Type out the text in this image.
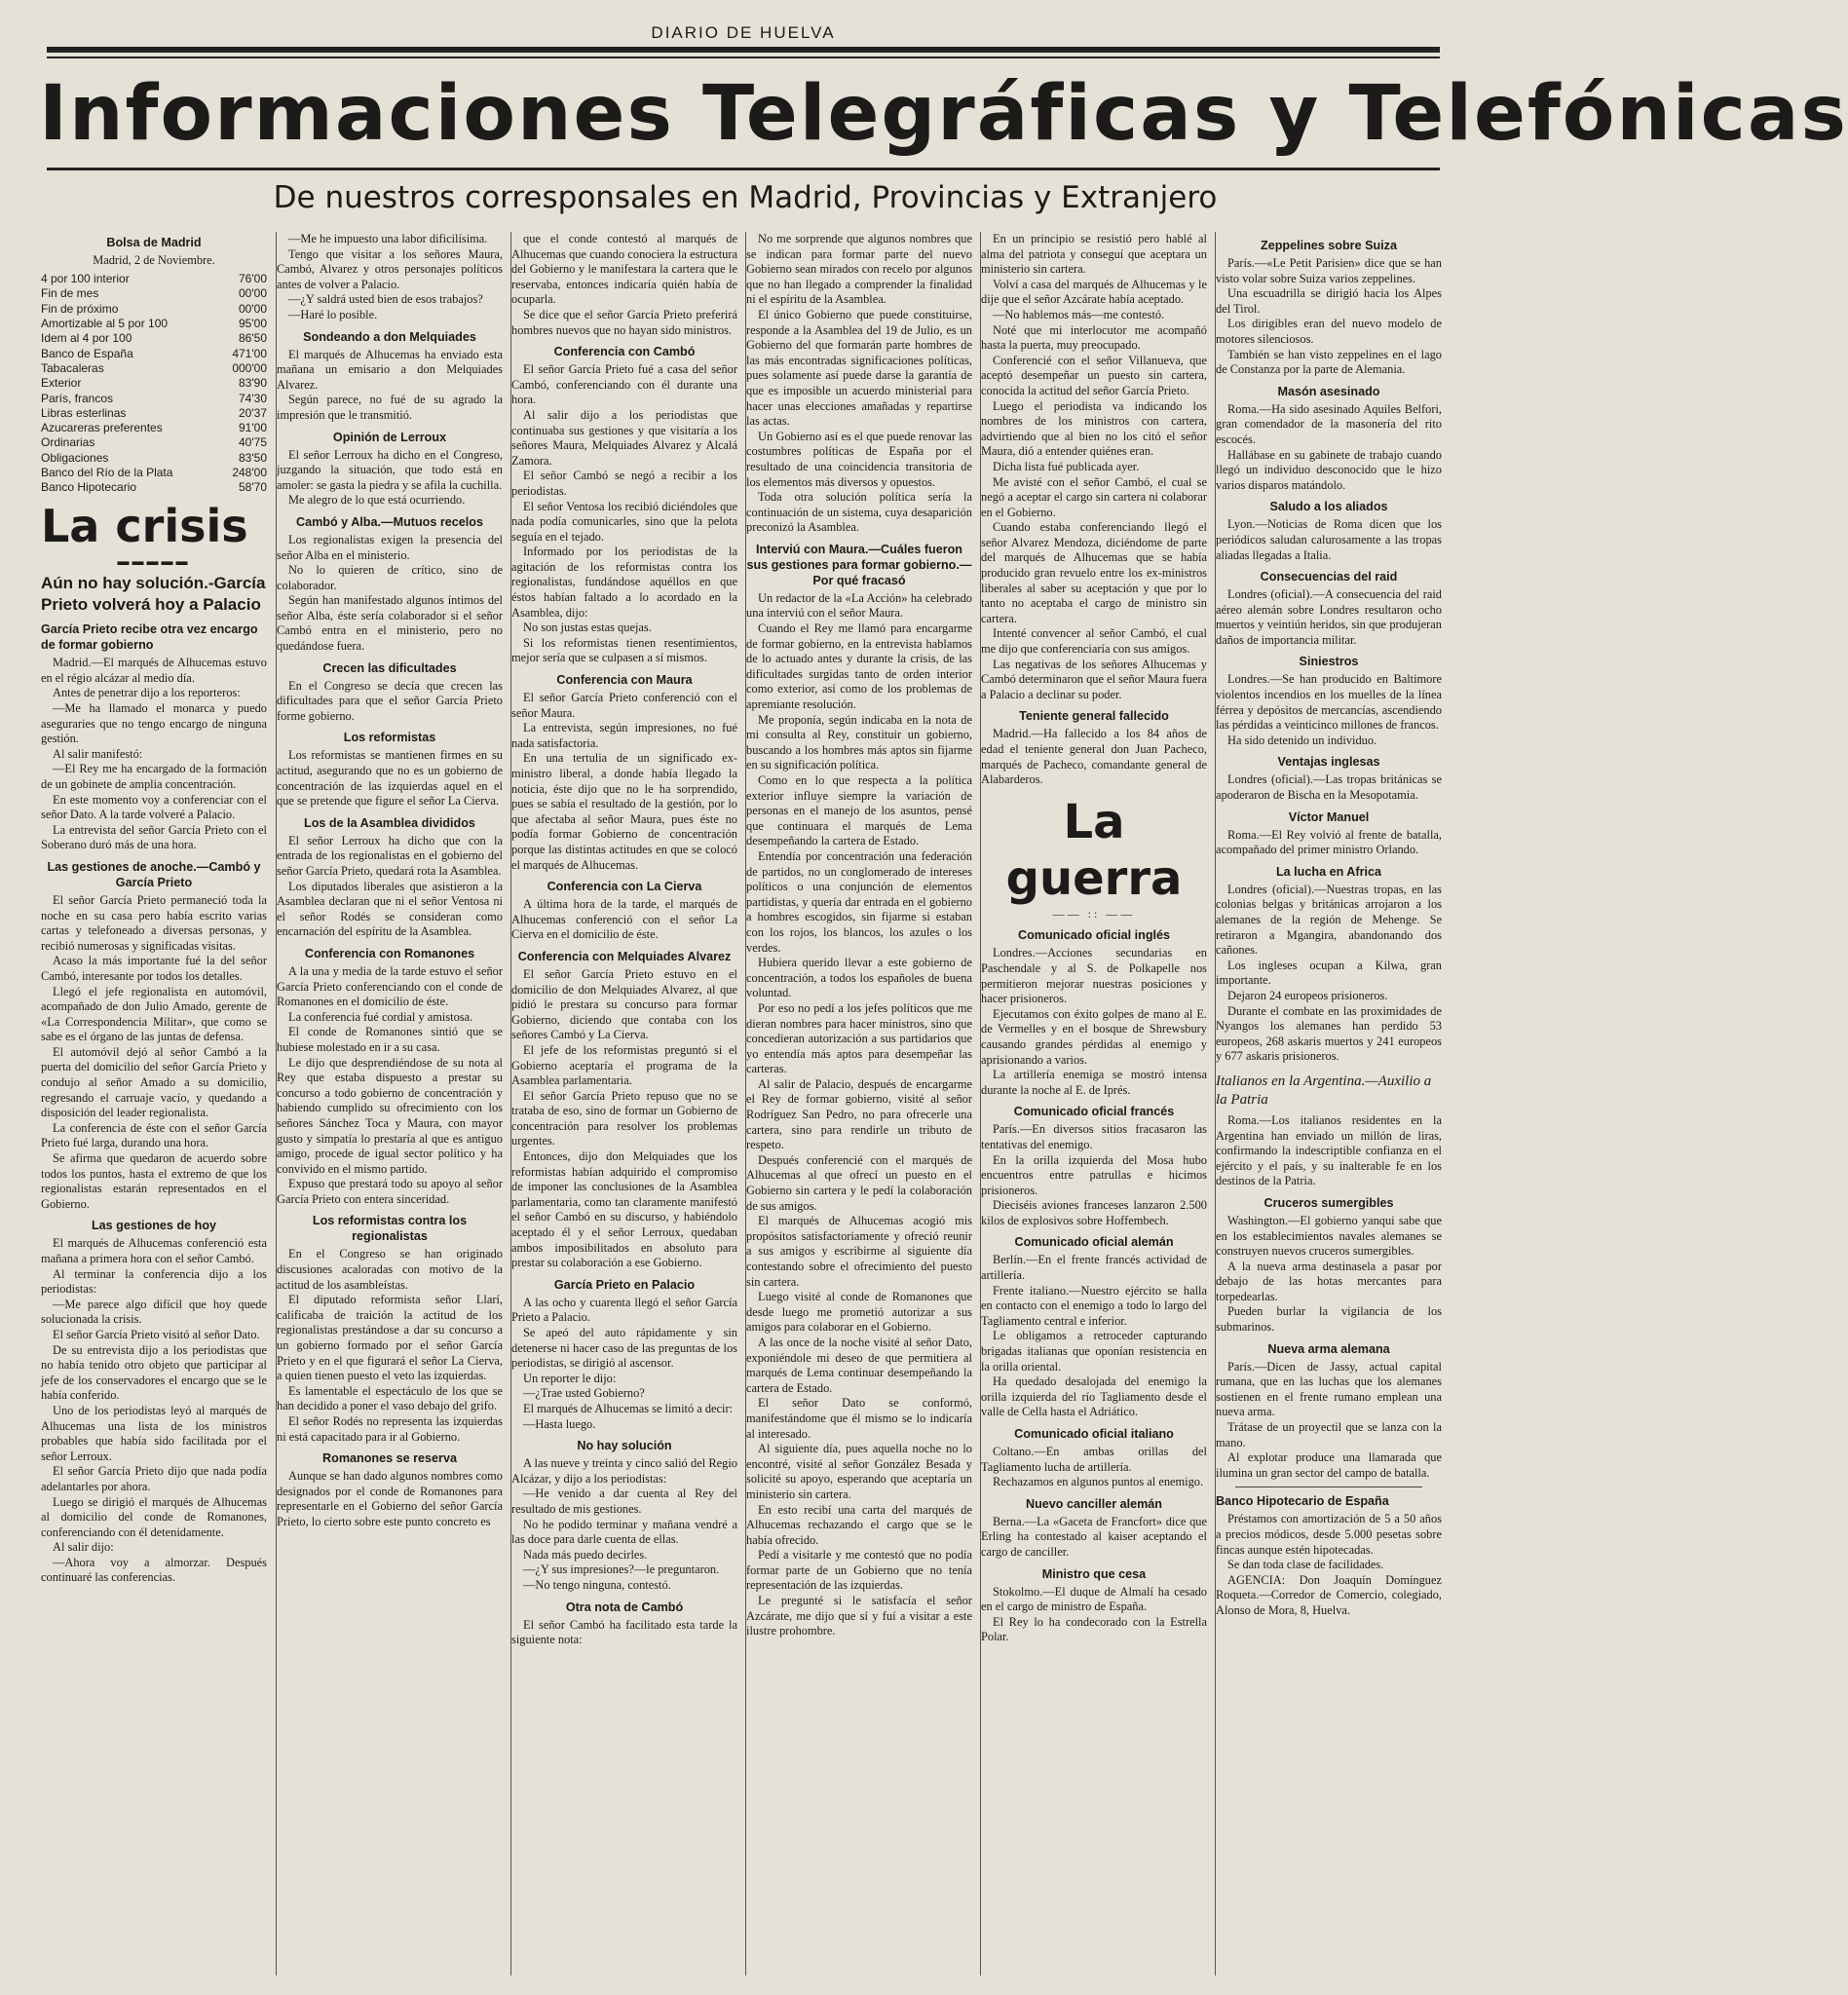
DIARIO DE HUELVA
Informaciones Telegráficas y Telefónicas
De nuestros corresponsales en Madrid, Provincias y Extranjero
Bolsa de Madrid
Madrid, 2 de Noviembre.
4 por 100 interior	76'00
Fin de mes	00'00
Fin de próximo	00'00
Amortizable al 5 por 100	95'00
Idem al 4 por 100	86'50
Banco de España	471'00
Tabacaleras	000'00
Exterior	83'90
París, francos	74'30
Libras esterlinas	20'37
Azucareras preferentes	91'00
Ordinarias	40'75
Obligaciones	83'50
Banco del Río de la Plata	248'00
Banco Hipotecario	58'70
La crisis
▬▬▬▬▬
Aún no hay solución.-García Prieto volverá hoy a Palacio
García Prieto recibe otra vez encargo de formar gobierno

Madrid.—El marqués de Alhucemas estuvo en el régio alcázar al medio día.

Antes de penetrar dijo a los reporteros:

—Me ha llamado el monarca y puedo aseguraries que no tengo encargo de ninguna gestión.

Al salir manifestó:

—El Rey me ha encargado de la formación de un gobinete de amplia concentración.

En este momento voy a conferenciar con el señor Dato. A la tarde volveré a Palacio.

La entrevista del señor García Prieto con el Soberano duró más de una hora.

Las gestiones de anoche.—Cambó y García Prieto

El señor García Prieto permaneció toda la noche en su casa pero había escrito varias cartas y telefoneado a diversas personas, y recibió numerosas y significadas visitas.

Acaso la más importante fué la del señor Cambó, interesante por todos los detalles.

Llegó el jefe regionalista en automóvil, acompañado de don Julio Amado, gerente de «La Correspondencia Militar», que como se sabe es el órgano de las juntas de defensa.

El automóvil dejó al señor Cambó a la puerta del domicilio del señor García Prieto y condujo al señor Amado a su domicilio, regresando el carruaje vacío, y quedando a disposición del leader regionalista.

La conferencia de éste con el señor García Prieto fué larga, durando una hora.

Se afirma que quedaron de acuerdo sobre todos los puntos, hasta el extremo de que los regionalistas estarán representados en el Gobierno.

Las gestiones de hoy

El marqués de Alhucemas conferenció esta mañana a primera hora con el señor Cambó.

Al terminar la conferencia dijo a los periodistas:

—Me parece algo difícil que hoy quede solucionada la crisis.

El señor García Prieto visitó al señor Dato.

De su entrevista dijo a los periodistas que no había tenido otro objeto que participar al jefe de los conservadores el encargo que se le había conferido.

Uno de los periodistas leyó al marqués de Alhucemas una lista de los ministros probables que había sido facilitada por el señor Lerroux.

El señor García Prieto dijo que nada podía adelantarles por ahora.

Luego se dirigió el marqués de Alhucemas al domicilio del conde de Romanones, conferenciando con él detenidamente.

Al salir dijo:

—Ahora voy a almorzar. Después continuaré las conferencias.

—Me he impuesto una labor dificilísima.

Tengo que visitar a los señores Maura, Cambó, Alvarez y otros personajes políticos antes de volver a Palacio.

—¿Y saldrá usted bien de esos trabajos?

—Haré lo posible.

Sondeando a don Melquiades

El marqués de Alhucemas ha enviado esta mañana un emisario a don Melquiades Alvarez.

Según parece, no fué de su agrado la impresión que le transmitió.

Opinión de Lerroux

El señor Lerroux ha dicho en el Congreso, juzgando la situación, que todo está en amoler: se gasta la piedra y se afila la cuchilla.

Me alegro de lo que está ocurriendo.

Cambó y Alba.—Mutuos recelos

Los regionalistas exigen la presencia del señor Alba en el ministerio.

No lo quieren de crítico, sino de colaborador.

Según han manifestado algunos íntimos del señor Alba, éste sería colaborador si el señor Cambó entra en el ministerio, pero no quedándose fuera.

Crecen las dificultades

En el Congreso se decía que crecen las dificultades para que el señor García Prieto forme gobierno.

Los reformistas

Los reformistas se mantienen firmes en su actitud, asegurando que no es un gobierno de concentración de las izquierdas aquel en el que se pretende que figure el señor La Cierva.

Los de la Asamblea divididos

El señor Lerroux ha dicho que con la entrada de los regionalistas en el gobierno del señor García Prieto, quedará rota la Asamblea.

Los diputados liberales que asistieron a la Asamblea declaran que ni el señor Ventosa ni el señor Rodés se consideran como encarnación del espíritu de la Asamblea.

Conferencia con Romanones

A la una y media de la tarde estuvo el señor García Prieto conferenciando con el conde de Romanones en el domicilio de éste.

La conferencia fué cordial y amistosa.

El conde de Romanones sintió que se hubiese molestado en ir a su casa.

Le dijo que desprendiéndose de su nota al Rey que estaba dispuesto a prestar su concurso a todo gobierno de concentración y habiendo cumplido su ofrecimiento con los señores Sánchez Toca y Maura, con mayor gusto y simpatía lo prestaría al que es antiguo amigo, procede de igual sector político y ha convivido en el mismo partido.

Expuso que prestará todo su apoyo al señor García Prieto con entera sinceridad.

Los reformistas contra los regionalistas

En el Congreso se han originado discusiones acaloradas con motivo de la actitud de los asambleístas.

El diputado reformista señor Llarí, calificaba de traición la actitud de los regionalistas prestándose a dar su concurso a un gobierno formado por el señor García Prieto y en el que figurará el señor La Cierva, a quien tienen puesto el veto las izquierdas.

Es lamentable el espectáculo de los que se han decidido a poner el vaso debajo del grifo.

El señor Rodés no representa las izquierdas ni está capacitado para ir al Gobierno.

Romanones se reserva

Aunque se han dado algunos nombres como designados por el conde de Romanones para representarle en el Gobierno del señor García Prieto, lo cierto sobre este punto concreto es

que el conde contestó al marqués de Alhucemas que cuando conociera la estructura del Gobierno y le manifestara la cartera que le reservaba, entonces indicaría quién había de ocuparla.

Se dice que el señor García Prieto preferirá hombres nuevos que no hayan sido ministros.

Conferencia con Cambó

El señor García Prieto fué a casa del señor Cambó, conferenciando con él durante una hora.

Al salir dijo a los periodistas que continuaba sus gestiones y que visitaría a los señores Maura, Melquiades Alvarez y Alcalá Zamora.

El señor Cambó se negó a recibir a los periodistas.

El señor Ventosa los recibió diciéndoles que nada podía comunicarles, sino que la pelota seguía en el tejado.

Informado por los periodistas de la agitación de los reformistas contra los regionalistas, fundándose aquéllos en que éstos habían faltado a lo acordado en la Asamblea, dijo:

No son justas estas quejas.

Si los reformistas tienen resentimientos, mejor sería que se culpasen a sí mismos.

Conferencia con Maura

El señor García Prieto conferenció con el señor Maura.

La entrevista, según impresiones, no fué nada satisfactoria.

En una tertulia de un significado ex-ministro liberal, a donde había llegado la noticia, éste dijo que no le ha sorprendido, pues se sabía el resultado de la gestión, por lo que afectaba al señor Maura, pues éste no podía formar Gobierno de concentración porque las distintas actitudes en que se colocó el marqués de Alhucemas.

Conferencia con La Cierva

A última hora de la tarde, el marqués de Alhucemas conferenció con el señor La Cierva en el domicilio de éste.

Conferencia con Melquiades Alvarez

El señor García Prieto estuvo en el domicilio de don Melquiades Alvarez, al que pidió le prestara su concurso para formar Gobierno, diciendo que contaba con los señores Cambó y La Cierva.

El jefe de los reformistas preguntó si el Gobierno aceptaría el programa de la Asamblea parlamentaria.

El señor García Prieto repuso que no se trataba de eso, sino de formar un Gobierno de concentración para resolver los problemas urgentes.

Entonces, dijo don Melquiades que los reformistas habían adquirido el compromiso de imponer las conclusiones de la Asamblea parlamentaria, como tan claramente manifestó el señor Cambó en su discurso, y habiéndolo aceptado él y el señor Lerroux, quedaban ambos imposibilitados en absoluto para prestar su colaboración a ese Gobierno.

García Prieto en Palacio

A las ocho y cuarenta llegó el señor García Prieto a Palacio.

Se apeó del auto rápidamente y sin detenerse ni hacer caso de las preguntas de los periodistas, se dirigió al ascensor.

Un reporter le dijo:

—¿Trae usted Gobierno?

El marqués de Alhucemas se limitó a decir:

—Hasta luego.

No hay solución

A las nueve y treinta y cinco salió del Regio Alcázar, y dijo a los periodistas:

—He venido a dar cuenta al Rey del resultado de mis gestiones.

No he podido terminar y mañana vendré a las doce para darle cuenta de ellas.

Nada más puedo decirles.

—¿Y sus impresiones?—le preguntaron.

—No tengo ninguna, contestó.

Otra nota de Cambó

El señor Cambó ha facilitado esta tarde la siguiente nota:

No me sorprende que algunos nombres que se indican para formar parte del nuevo Gobierno sean mirados con recelo por algunos que no han llegado a comprender la finalidad ni el espíritu de la Asamblea.

El único Gobierno que puede constituirse, responde a la Asamblea del 19 de Julio, es un Gobierno del que formarán parte hombres de las más encontradas significaciones políticas, pues solamente así puede darse la garantía de que es imposible un acuerdo ministerial para hacer unas elecciones amañadas y repartirse las actas.

Un Gobierno así es el que puede renovar las costumbres políticas de España por el resultado de una coincidencia transitoria de los elementos más diversos y opuestos.

Toda otra solución política sería la continuación de un sistema, cuya desaparición preconizó la Asamblea.

Interviú con Maura.—Cuáles fueron sus gestiones para formar gobierno.—Por qué fracasó

Un redactor de la «La Acción» ha celebrado una interviú con el señor Maura.

Cuando el Rey me llamó para encargarme de formar gobierno, en la entrevista hablamos de lo actuado antes y durante la crisis, de las dificultades surgidas tanto de orden interior como exterior, así como de los problemas de apremiante resolución.

Me proponía, según indicaba en la nota de mi consulta al Rey, constituir un gobierno, buscando a los hombres más aptos sin fijarme en su significación política.

Como en lo que respecta a la política exterior influye siempre la variación de personas en el manejo de los asuntos, pensé que continuara el marqués de Lema desempeñando la cartera de Estado.

Entendía por concentración una federación de partidos, no un conglomerado de intereses políticos o una conjunción de elementos partidistas, y quería dar entrada en el gobierno a hombres escogidos, sin fijarme si estaban con los rojos, los blancos, los azules o los verdes.

Hubiera querido llevar a este gobierno de concentración, a todos los españoles de buena voluntad.

Por eso no pedí a los jefes políticos que me dieran nombres para hacer ministros, sino que concedieran autorización a sus partidarios que yo entendía más aptos para desempeñar las carteras.

Al salir de Palacio, después de encargarme el Rey de formar gobierno, visité al señor Rodríguez San Pedro, no para ofrecerle una cartera, sino para rendirle un tributo de respeto.

Después conferencié con el marqués de Alhucemas al que ofrecí un puesto en el Gobierno sin cartera y le pedí la colaboración de sus amigos.

El marqués de Alhucemas acogió mis propósitos satisfactoriamente y ofreció reunir a sus amigos y escribirme al siguiente día contestando sobre el ofrecimiento del puesto sin cartera.

Luego visité al conde de Romanones que desde luego me prometió autorizar a sus amigos para colaborar en el Gobierno.

A las once de la noche visité al señor Dato, exponiéndole mi deseo de que permitiera al marqués de Lema continuar desempeñando la cartera de Estado.

El señor Dato se conformó, manifestándome que él mismo se lo indicaría al interesado.

Al siguiente día, pues aquella noche no lo encontré, visité al señor González Besada y solicité su apoyo, esperando que aceptaría un ministerio sin cartera.

En esto recibí una carta del marqués de Alhucemas rechazando el cargo que se le había ofrecido.

Pedí a visitarle y me contestó que no podía formar parte de un Gobierno que no tenía representación de las izquierdas.

Le pregunté si le satisfacía el señor Azcárate, me dijo que sí y fuí a visitar a este ilustre prohombre.

En un principio se resistió pero hablé al alma del patriota y conseguí que aceptara un ministerio sin cartera.

Volví a casa del marqués de Alhucemas y le dije que el señor Azcárate había aceptado.

—No hablemos más—me contestó.

Noté que mi interlocutor me acompañó hasta la puerta, muy preocupado.

Conferencié con el señor Villanueva, que aceptó desempeñar un puesto sin cartera, conocida la actitud del señor García Prieto.

Luego el periodista va indicando los nombres de los ministros con cartera, advirtiendo que al bien no los citó el señor Maura, dió a entender quiénes eran.

Dicha lista fué publicada ayer.

Me avisté con el señor Cambó, el cual se negó a aceptar el cargo sin cartera ni colaborar en el Gobierno.

Cuando estaba conferenciando llegó el señor Alvarez Mendoza, diciéndome de parte del marqués de Alhucemas que se había producido gran revuelo entre los ex-ministros liberales al saber su aceptación y que por lo tanto no aceptaba el cargo de ministro sin cartera.

Intenté convencer al señor Cambó, el cual me dijo que conferenciaría con sus amigos.

Las negativas de los señores Alhucemas y Cambó determinaron que el señor Maura fuera a Palacio a declinar su poder.

Teniente general fallecido

Madrid.—Ha fallecido a los 84 años de edad el teniente general don Juan Pacheco, marqués de Pacheco, comandante general de Alabarderos.

La guerra
—— :: ——
Comunicado oficial inglés

Londres.—Acciones secundarias en Paschendale y al S. de Polkapelle nos permitieron mejorar nuestras posiciones y hacer prisioneros.

Ejecutamos con éxito golpes de mano al E. de Vermelles y en el bosque de Shrewsbury causando grandes pérdidas al enemigo y aprisionando a varios.

La artillería enemiga se mostró intensa durante la noche al E. de Iprés.

Comunicado oficial francés

París.—En diversos sitios fracasaron las tentativas del enemigo.

En la orilla izquierda del Mosa hubo encuentros entre patrullas e hicimos prisioneros.

Dieciséis aviones franceses lanzaron 2.500 kilos de explosivos sobre Hoffembech.

Comunicado oficial alemán

Berlín.—En el frente francés actividad de artillería.

Frente italiano.—Nuestro ejército se halla en contacto con el enemigo a todo lo largo del Tagliamento central e inferior.

Le obligamos a retroceder capturando brigadas italianas que oponían resistencia en la orilla oriental.

Ha quedado desalojada del enemigo la orilla izquierda del río Tagliamento desde el valle de Cella hasta el Adriático.

Comunicado oficial italiano

Coltano.—En ambas orillas del Tagliamento lucha de artillería.

Rechazamos en algunos puntos al enemigo.

Nuevo canciller alemán

Berna.—La «Gaceta de Francfort» dice que Erling ha contestado al kaiser aceptando el cargo de canciller.

Ministro que cesa

Stokolmo.—El duque de Almalí ha cesado en el cargo de ministro de España.

El Rey lo ha condecorado con la Estrella Polar.

Zeppelines sobre Suiza

París.—«Le Petit Parisien» dice que se han visto volar sobre Suiza varios zeppelines.

Una escuadrilla se dirigió hacia los Alpes del Tirol.

Los dirigibles eran del nuevo modelo de motores silenciosos.

También se han visto zeppelines en el lago de Constanza por la parte de Alemania.

Masón asesinado

Roma.—Ha sido asesinado Aquiles Belfori, gran comendador de la masonería del rito escocés.

Hallábase en su gabinete de trabajo cuando llegó un individuo desconocido que le hizo varios disparos matándolo.

Saludo a los aliados

Lyon.—Noticias de Roma dicen que los periódicos saludan calurosamente a las tropas aliadas llegadas a Italia.

Consecuencias del raid

Londres (oficial).—A consecuencia del raid aéreo alemán sobre Londres resultaron ocho muertos y veintiún heridos, sin que produjeran daños de importancia militar.

Siniestros

Londres.—Se han producido en Baltimore violentos incendios en los muelles de la línea férrea y depósitos de mercancías, ascendiendo las pérdidas a veinticinco millones de francos.

Ha sido detenido un individuo.

Ventajas inglesas

Londres (oficial).—Las tropas británicas se apoderaron de Bischa en la Mesopotamia.

Víctor Manuel

Roma.—El Rey volvió al frente de batalla, acompañado del primer ministro Orlando.

La lucha en Africa

Londres (oficial).—Nuestras tropas, en las colonias belgas y británicas arrojaron a los alemanes de la región de Mehenge. Se retiraron a Mgangira, abandonando dos cañones.

Los ingleses ocupan a Kilwa, gran importante.

Dejaron 24 europeos prisioneros.

Durante el combate en las proximidades de Nyangos los alemanes han perdido 53 europeos, 268 askaris muertos y 241 europeos y 677 askaris prisioneros.

Italianos en la Argentina.—Auxilio a la Patria

Roma.—Los italianos residentes en la Argentina han enviado un millón de liras, confirmando la indescriptible confianza en el ejército y el país, y su inalterable fe en los destinos de la Patria.

Cruceros sumergibles

Washington.—El gobierno yanqui sabe que en los establecimientos navales alemanes se construyen nuevos cruceros sumergibles.

A la nueva arma destinasela a pasar por debajo de las hotas mercantes para torpedearlas.

Pueden burlar la vigilancia de los submarinos.

Nueva arma alemana

París.—Dicen de Jassy, actual capital rumana, que en las luchas que los alemanes sostienen en el frente rumano emplean una nueva arma.

Trátase de un proyectil que se lanza con la mano.

Al explotar produce una llamarada que ilumina un gran sector del campo de batalla.

Banco Hipotecario de España

Préstamos con amortización de 5 a 50 años a precios módicos, desde 5.000 pesetas sobre fincas aunque estén hipotecadas.

Se dan toda clase de facilidades.

AGENCIA: Don Joaquín Domínguez Roqueta.—Corredor de Comercio, colegiado, Alonso de Mora, 8, Huelva.
